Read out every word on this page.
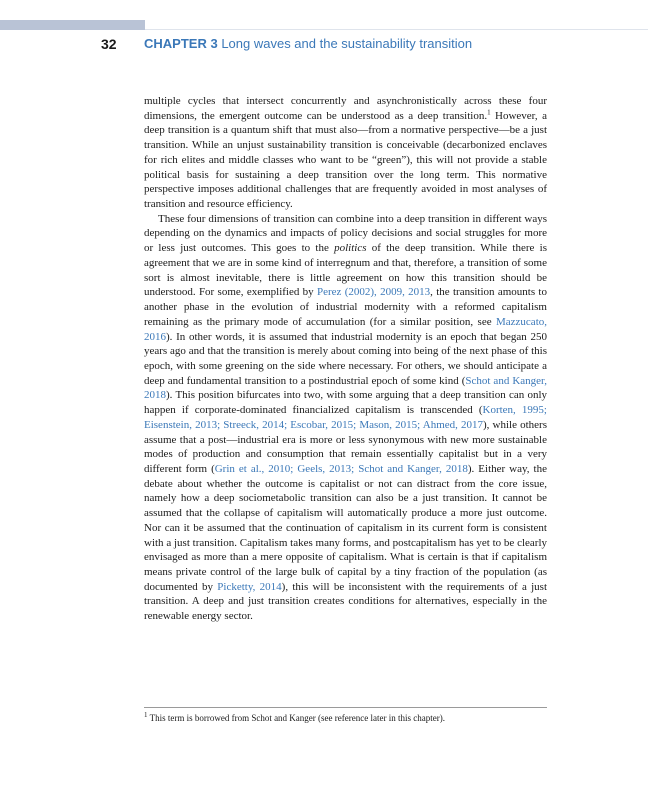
32 CHAPTER 3 Long waves and the sustainability transition

multiple cycles that intersect concurrently and asynchronistically across these four dimensions, the emergent outcome can be understood as a deep transition.$^1$ However, a deep transition is a quantum shift that must also—from a normative perspective—be a just transition. While an unjust sustainability transition is conceivable (decarbonized enclaves for rich elites and middle classes who want to be “green”), this will not provide a stable political basis for sustaining a deep transition over the long term. This normative perspective imposes additional challenges that are frequently avoided in most analyses of transition and resource efficiency.

These four dimensions of transition can combine into a deep transition in different ways depending on the dynamics and impacts of policy decisions and social struggles for more or less just outcomes. This goes to the politics of the deep transition. While there is agreement that we are in some kind of interregnum and that, therefore, a transition of some sort is almost inevitable, there is little agreement on how this transition should be understood. For some, exemplified by Perez (2002), 2009, 2013, the transition amounts to another phase in the evolution of industrial modernity with a reformed capitalism remaining as the primary mode of accumulation (for a similar position, see Mazzucato, 2016). In other words, it is assumed that industrial modernity is an epoch that began 250 years ago and that the transition is merely about coming into being of the next phase of this epoch, with some greening on the side where necessary. For others, we should anticipate a deep and fundamental transition to a postindustrial epoch of some kind (Schot and Kanger, 2018). This position bifurcates into two, with some arguing that a deep transition can only happen if corporate-dominated financialized capitalism is transcended (Korten, 1995; Eisenstein, 2013; Streeck, 2014; Escobar, 2015; Mason, 2015; Ahmed, 2017), while others assume that a post—industrial era is more or less synonymous with new more sustainable modes of production and consumption that remain essentially capitalist but in a very different form (Grin et al., 2010; Geels, 2013; Schot and Kanger, 2018). Either way, the debate about whether the outcome is capitalist or not can distract from the core issue, namely how a deep sociometabolic transition can also be a just transition. It cannot be assumed that the collapse of capitalism will automatically produce a more just outcome. Nor can it be assumed that the continuation of capitalism in its current form is consistent with a just transition. Capitalism takes many forms, and postcapitalism has yet to be clearly envisaged as more than a mere opposite of capitalism. What is certain is that if capitalism means private control of the large bulk of capital by a tiny fraction of the population (as documented by Picketty, 2014), this will be inconsistent with the requirements of a just transition. A deep and just transition creates conditions for alternatives, especially in the renewable energy sector.

$^1$ This term is borrowed from Schot and Kanger (see reference later in this chapter).
